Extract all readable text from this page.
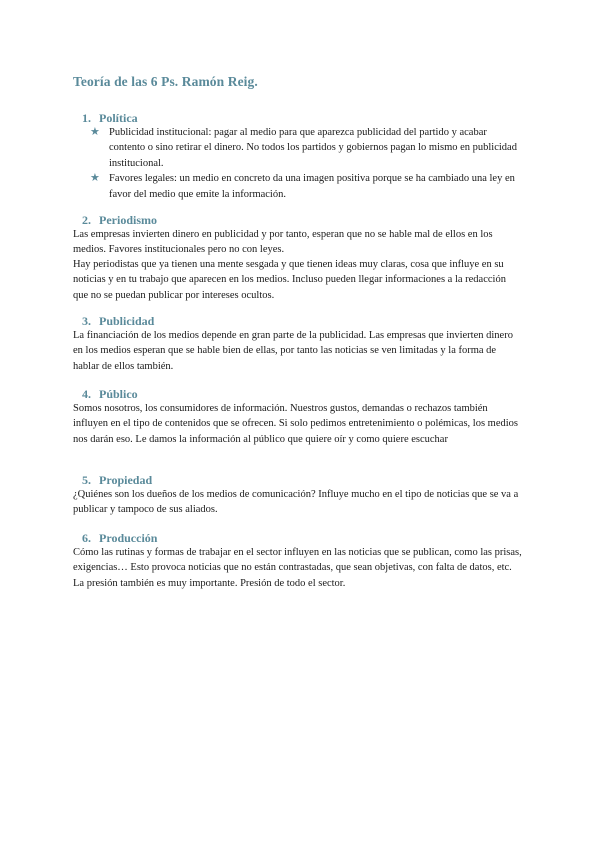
Teoría de las 6 Ps. Ramón Reig.
1. Política
★ Publicidad institucional: pagar al medio para que aparezca publicidad del partido y acabar contento o sino retirar el dinero. No todos los partidos y gobiernos pagan lo mismo en publicidad institucional.
★ Favores legales: un medio en concreto da una imagen positiva porque se ha cambiado una ley en favor del medio que emite la información.
2. Periodismo

Las empresas invierten dinero en publicidad y por tanto, esperan que no se hable mal de ellos en los medios. Favores institucionales pero no con leyes.

Hay periodistas que ya tienen una mente sesgada y que tienen ideas muy claras, cosa que influye en su noticias y en tu trabajo que aparecen en los medios. Incluso pueden llegar informaciones a la redacción que no se puedan publicar por intereses ocultos.

3. Publicidad

La financiación de los medios depende en gran parte de la publicidad. Las empresas que invierten dinero en los medios esperan que se hable bien de ellas, por tanto las noticias se ven limitadas y la forma de hablar de ellos también.

4. Público

Somos nosotros, los consumidores de información. Nuestros gustos, demandas o rechazos también influyen en el tipo de contenidos que se ofrecen. Si solo pedimos entretenimiento o polémicas, los medios nos darán eso. Le damos la información al público que quiere oír y como quiere escuchar

5. Propiedad

¿Quiénes son los dueños de los medios de comunicación? Influye mucho en el tipo de noticias que se va a publicar y tampoco de sus aliados.

6. Producción

Cómo las rutinas y formas de trabajar en el sector influyen en las noticias que se publican, como las prisas, exigencias… Esto provoca noticias que no están contrastadas, que sean objetivas, con falta de datos, etc. La presión también es muy importante. Presión de todo el sector.
